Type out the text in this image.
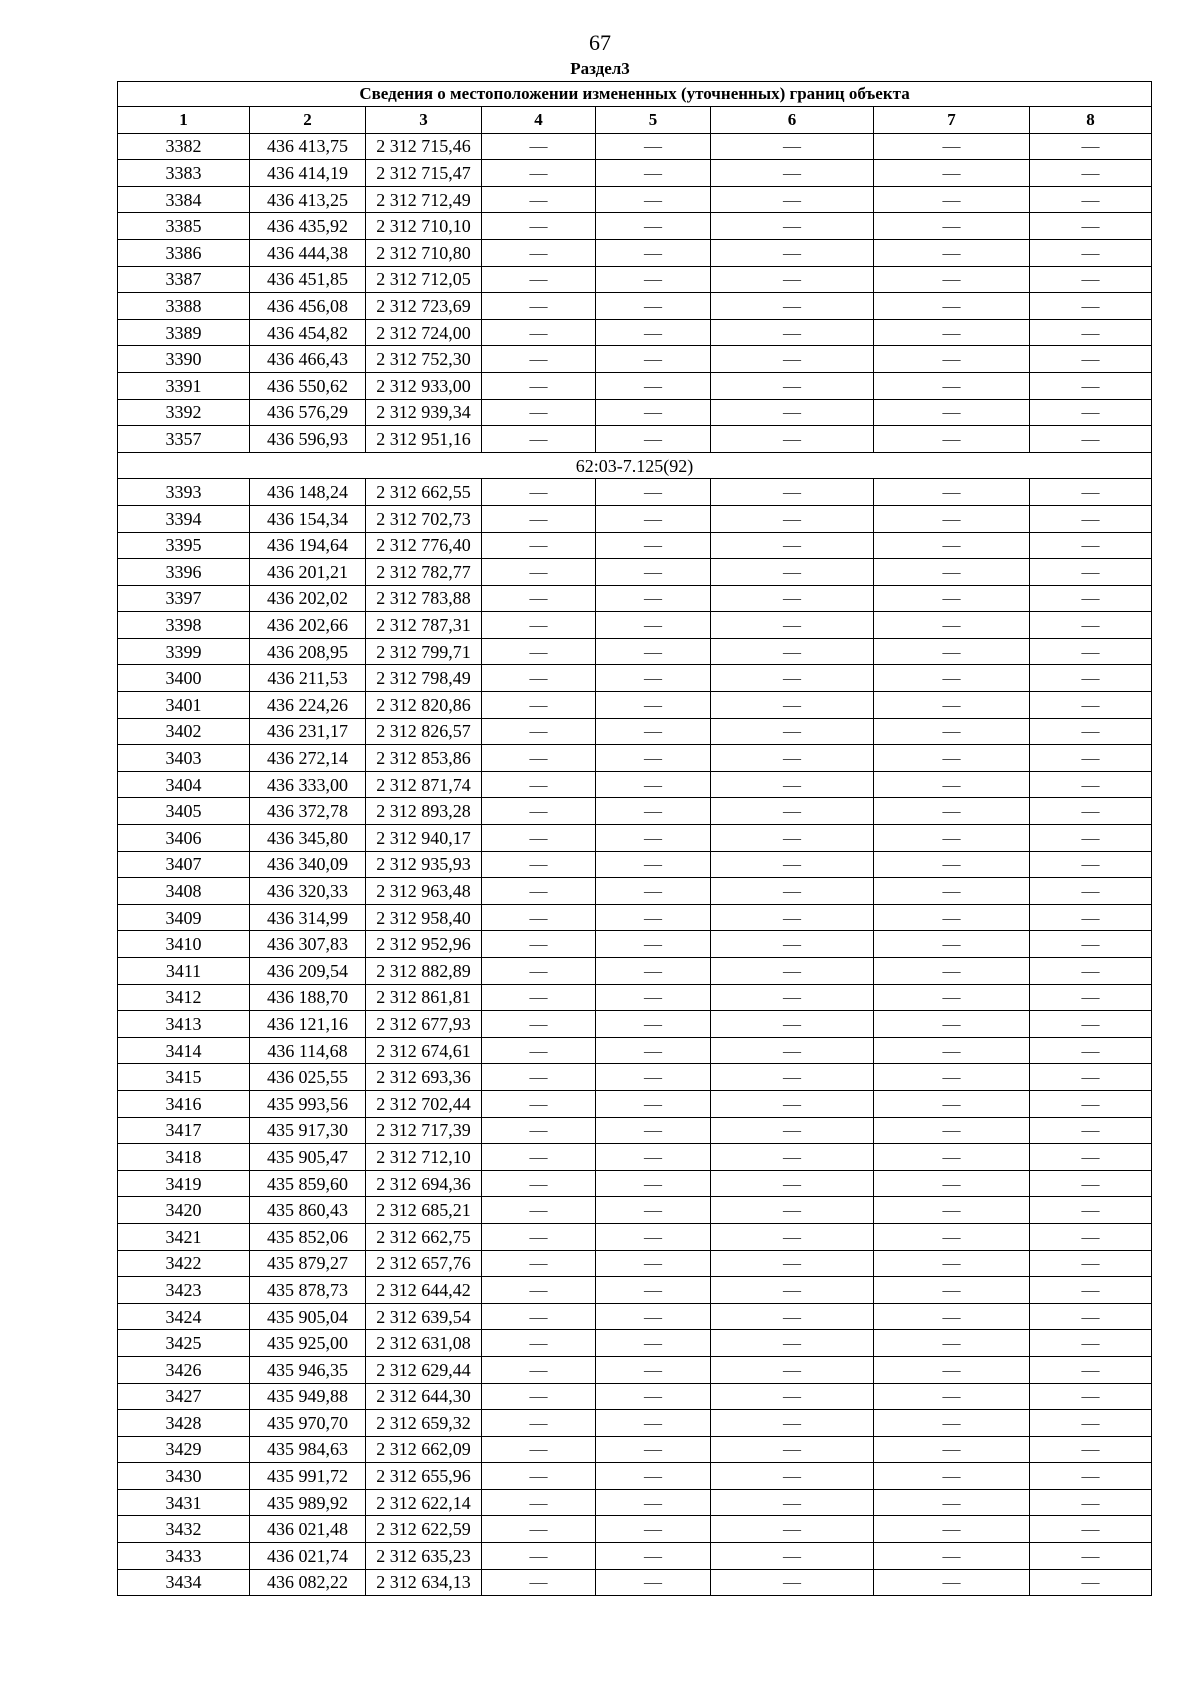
67
Раздел3
Сведения о местоположении измененных (уточненных) границ объекта							
1	2	3	4	5	6	7	8
3382	436 413,75	2 312 715,46	—	—	—	—	—
3383	436 414,19	2 312 715,47	—	—	—	—	—
3384	436 413,25	2 312 712,49	—	—	—	—	—
3385	436 435,92	2 312 710,10	—	—	—	—	—
3386	436 444,38	2 312 710,80	—	—	—	—	—
3387	436 451,85	2 312 712,05	—	—	—	—	—
3388	436 456,08	2 312 723,69	—	—	—	—	—
3389	436 454,82	2 312 724,00	—	—	—	—	—
3390	436 466,43	2 312 752,30	—	—	—	—	—
3391	436 550,62	2 312 933,00	—	—	—	—	—
3392	436 576,29	2 312 939,34	—	—	—	—	—
3357	436 596,93	2 312 951,16	—	—	—	—	—
62:03-7.125(92)							
3393	436 148,24	2 312 662,55	—	—	—	—	—
3394	436 154,34	2 312 702,73	—	—	—	—	—
3395	436 194,64	2 312 776,40	—	—	—	—	—
3396	436 201,21	2 312 782,77	—	—	—	—	—
3397	436 202,02	2 312 783,88	—	—	—	—	—
3398	436 202,66	2 312 787,31	—	—	—	—	—
3399	436 208,95	2 312 799,71	—	—	—	—	—
3400	436 211,53	2 312 798,49	—	—	—	—	—
3401	436 224,26	2 312 820,86	—	—	—	—	—
3402	436 231,17	2 312 826,57	—	—	—	—	—
3403	436 272,14	2 312 853,86	—	—	—	—	—
3404	436 333,00	2 312 871,74	—	—	—	—	—
3405	436 372,78	2 312 893,28	—	—	—	—	—
3406	436 345,80	2 312 940,17	—	—	—	—	—
3407	436 340,09	2 312 935,93	—	—	—	—	—
3408	436 320,33	2 312 963,48	—	—	—	—	—
3409	436 314,99	2 312 958,40	—	—	—	—	—
3410	436 307,83	2 312 952,96	—	—	—	—	—
3411	436 209,54	2 312 882,89	—	—	—	—	—
3412	436 188,70	2 312 861,81	—	—	—	—	—
3413	436 121,16	2 312 677,93	—	—	—	—	—
3414	436 114,68	2 312 674,61	—	—	—	—	—
3415	436 025,55	2 312 693,36	—	—	—	—	—
3416	435 993,56	2 312 702,44	—	—	—	—	—
3417	435 917,30	2 312 717,39	—	—	—	—	—
3418	435 905,47	2 312 712,10	—	—	—	—	—
3419	435 859,60	2 312 694,36	—	—	—	—	—
3420	435 860,43	2 312 685,21	—	—	—	—	—
3421	435 852,06	2 312 662,75	—	—	—	—	—
3422	435 879,27	2 312 657,76	—	—	—	—	—
3423	435 878,73	2 312 644,42	—	—	—	—	—
3424	435 905,04	2 312 639,54	—	—	—	—	—
3425	435 925,00	2 312 631,08	—	—	—	—	—
3426	435 946,35	2 312 629,44	—	—	—	—	—
3427	435 949,88	2 312 644,30	—	—	—	—	—
3428	435 970,70	2 312 659,32	—	—	—	—	—
3429	435 984,63	2 312 662,09	—	—	—	—	—
3430	435 991,72	2 312 655,96	—	—	—	—	—
3431	435 989,92	2 312 622,14	—	—	—	—	—
3432	436 021,48	2 312 622,59	—	—	—	—	—
3433	436 021,74	2 312 635,23	—	—	—	—	—
3434	436 082,22	2 312 634,13	—	—	—	—	—
